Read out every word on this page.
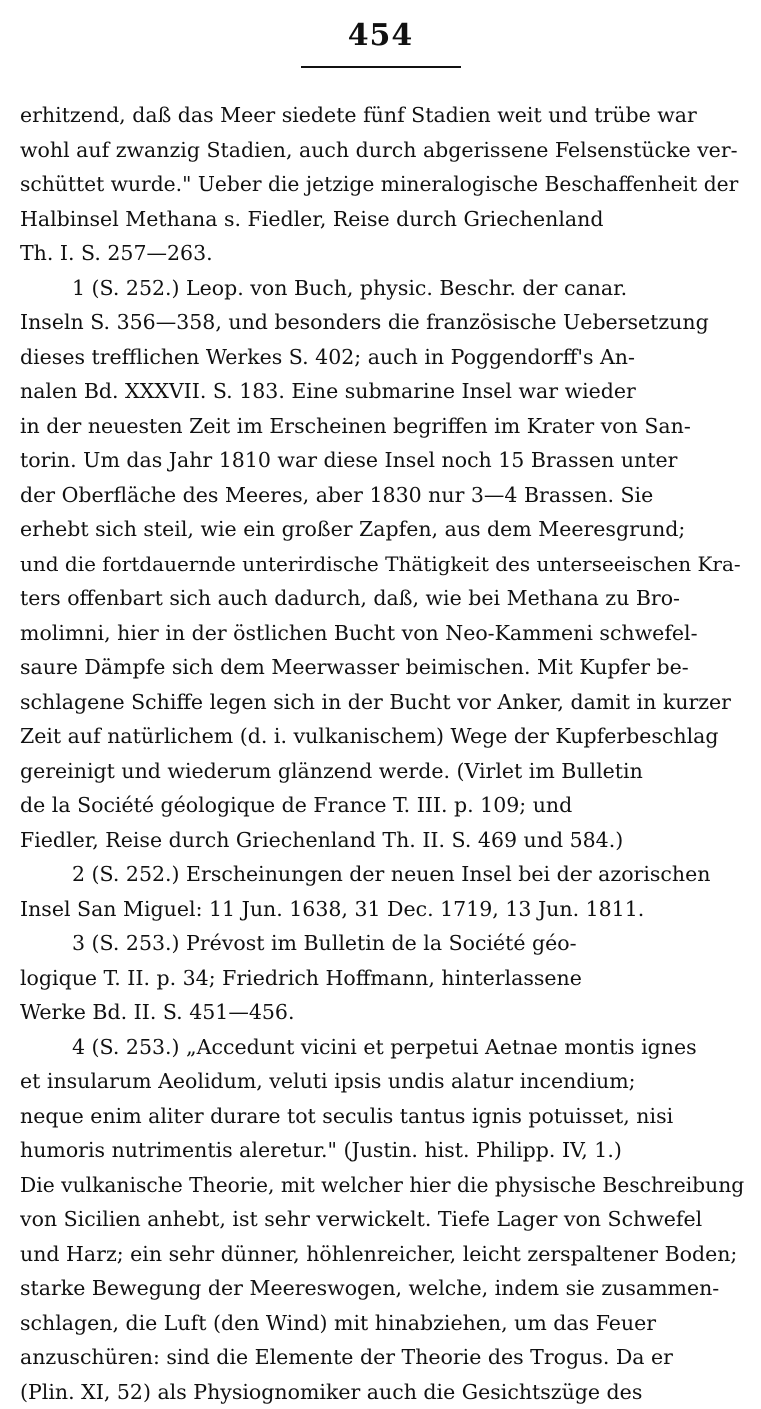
454
erhitzend, daß das Meer siedete fünf Stadien weit und trübe war
wohl auf zwanzig Stadien, auch durch abgerissene Felsenstücke ver-
schüttet wurde." Ueber die jetzige mineralogische Beschaffenheit der
Halbinsel Methana s. Fiedler, Reise durch Griechenland
Th. I. S. 257—263.
1 (S. 252.) Leop. von Buch, physic. Beschr. der canar.
Inseln S. 356—358, und besonders die französische Uebersetzung
dieses trefflichen Werkes S. 402; auch in Poggendorff's An-
nalen Bd. XXXVII. S. 183. Eine submarine Insel war wieder
in der neuesten Zeit im Erscheinen begriffen im Krater von San-
torin. Um das Jahr 1810 war diese Insel noch 15 Brassen unter
der Oberfläche des Meeres, aber 1830 nur 3—4 Brassen. Sie
erhebt sich steil, wie ein großer Zapfen, aus dem Meeresgrund;
und die fortdauernde unterirdische Thätigkeit des unterseeischen Kra-
ters offenbart sich auch dadurch, daß, wie bei Methana zu Bro-
molimni, hier in der östlichen Bucht von Neo-Kammeni schwefel-
saure Dämpfe sich dem Meerwasser beimischen. Mit Kupfer be-
schlagene Schiffe legen sich in der Bucht vor Anker, damit in kurzer
Zeit auf natürlichem (d. i. vulkanischem) Wege der Kupferbeschlag
gereinigt und wiederum glänzend werde. (Virlet im Bulletin
de la Société géologique de France T. III. p. 109; und
Fiedler, Reise durch Griechenland Th. II. S. 469 und 584.)
2 (S. 252.) Erscheinungen der neuen Insel bei der azorischen
Insel San Miguel: 11 Jun. 1638, 31 Dec. 1719, 13 Jun. 1811.
3 (S. 253.) Prévost im Bulletin de la Société géo-
logique T. II. p. 34; Friedrich Hoffmann, hinterlassene
Werke Bd. II. S. 451—456.
4 (S. 253.) „Accedunt vicini et perpetui Aetnae montis ignes
et insularum Aeolidum, veluti ipsis undis alatur incendium;
neque enim aliter durare tot seculis tantus ignis potuisset, nisi
humoris nutrimentis aleretur." (Justin. hist. Philipp. IV, 1.)
Die vulkanische Theorie, mit welcher hier die physische Beschreibung
von Sicilien anhebt, ist sehr verwickelt. Tiefe Lager von Schwefel
und Harz; ein sehr dünner, höhlenreicher, leicht zerspaltener Boden;
starke Bewegung der Meereswogen, welche, indem sie zusammen-
schlagen, die Luft (den Wind) mit hinabziehen, um das Feuer
anzuschüren: sind die Elemente der Theorie des Trogus. Da er
(Plin. XI, 52) als Physiognomiker auch die Gesichtszüge des
